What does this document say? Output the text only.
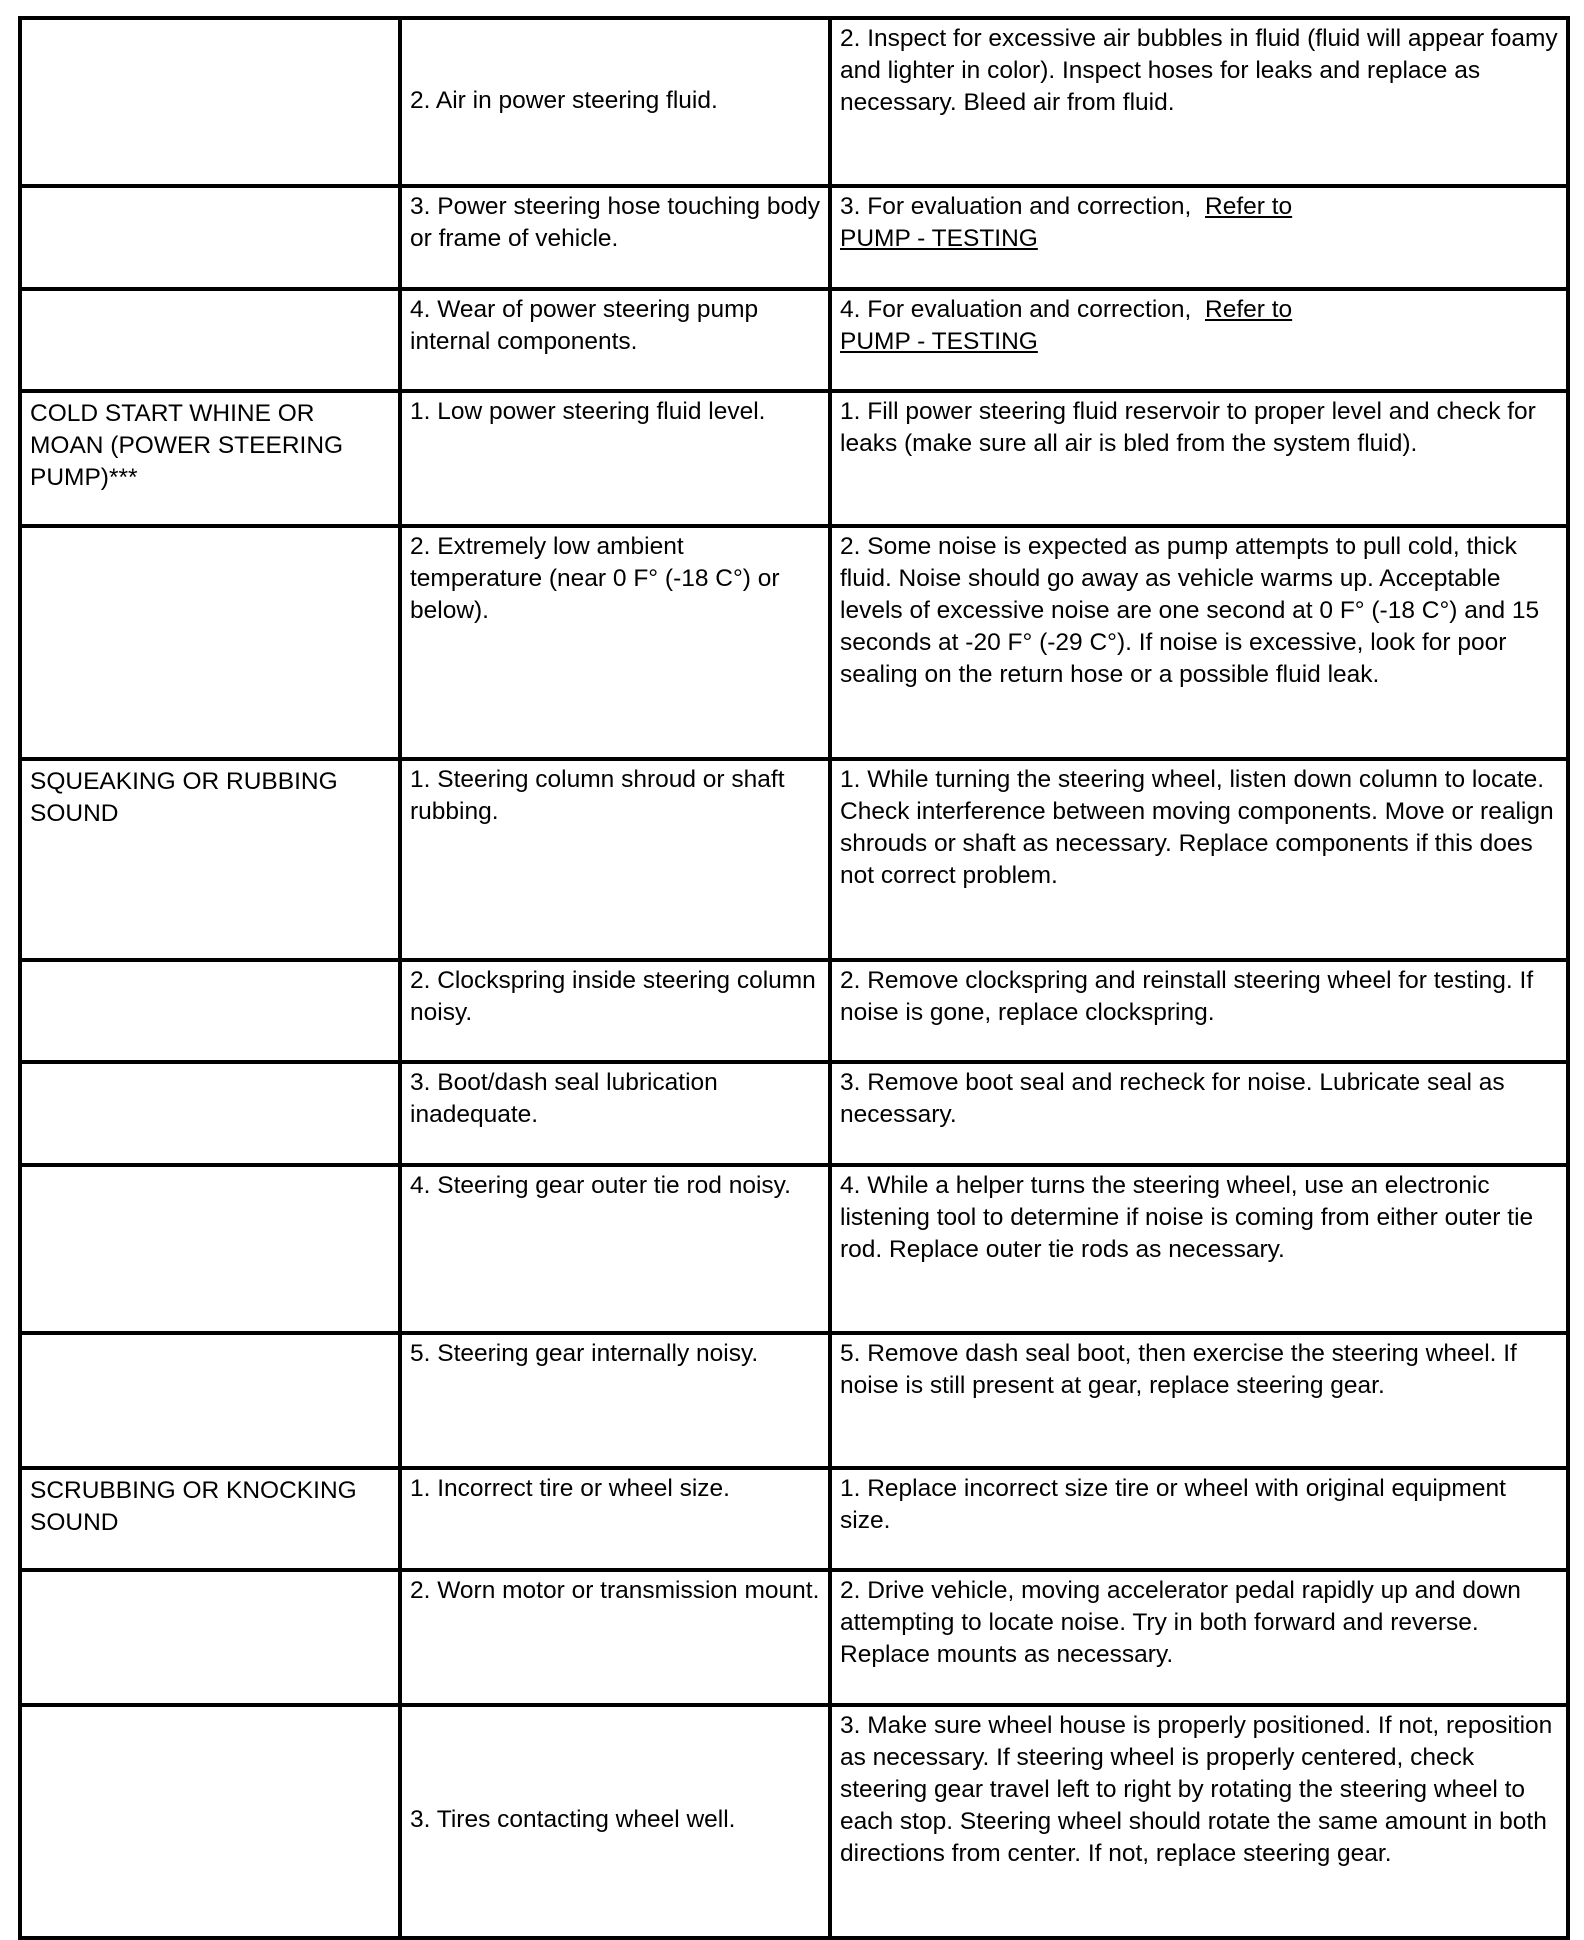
	2. Air in power steering fluid.	2. Inspect for excessive air bubbles in fluid (fluid will appear foamy and lighter in color). Inspect hoses for leaks and replace as necessary. Bleed air from fluid.
	3. Power steering hose touching body or frame of vehicle.	3. For evaluation and correction, Refer to
PUMP - TESTING
	4. Wear of power steering pump internal components.	4. For evaluation and correction, Refer to
PUMP - TESTING
COLD START WHINE OR MOAN (POWER STEERING PUMP)***	1. Low power steering fluid level.	1. Fill power steering fluid reservoir to proper level and check for leaks (make sure all air is bled from the system fluid).
	2. Extremely low ambient temperature (near 0 F° (-18 C°) or below).	2. Some noise is expected as pump attempts to pull cold, thick fluid. Noise should go away as vehicle warms up. Acceptable levels of excessive noise are one second at 0 F° (-18 C°) and 15 seconds at -20 F° (-29 C°). If noise is excessive, look for poor sealing on the return hose or a possible fluid leak.
SQUEAKING OR RUBBING SOUND	1. Steering column shroud or shaft rubbing.	1. While turning the steering wheel, listen down column to locate. Check interference between moving components. Move or realign shrouds or shaft as necessary. Replace components if this does not correct problem.
	2. Clockspring inside steering column noisy.	2. Remove clockspring and reinstall steering wheel for testing. If noise is gone, replace clockspring.
	3. Boot/dash seal lubrication inadequate.	3. Remove boot seal and recheck for noise. Lubricate seal as necessary.
	4. Steering gear outer tie rod noisy.	4. While a helper turns the steering wheel, use an electronic listening tool to determine if noise is coming from either outer tie rod. Replace outer tie rods as necessary.
	5. Steering gear internally noisy.	5. Remove dash seal boot, then exercise the steering wheel. If noise is still present at gear, replace steering gear.
SCRUBBING OR KNOCKING SOUND	1. Incorrect tire or wheel size.	1. Replace incorrect size tire or wheel with original equipment size.
	2. Worn motor or transmission mount.	2. Drive vehicle, moving accelerator pedal rapidly up and down attempting to locate noise. Try in both forward and reverse. Replace mounts as necessary.
	3. Tires contacting wheel well.	3. Make sure wheel house is properly positioned. If not, reposition as necessary. If steering wheel is properly centered, check steering gear travel left to right by rotating the steering wheel to each stop. Steering wheel should rotate the same amount in both directions from center. If not, replace steering gear.
